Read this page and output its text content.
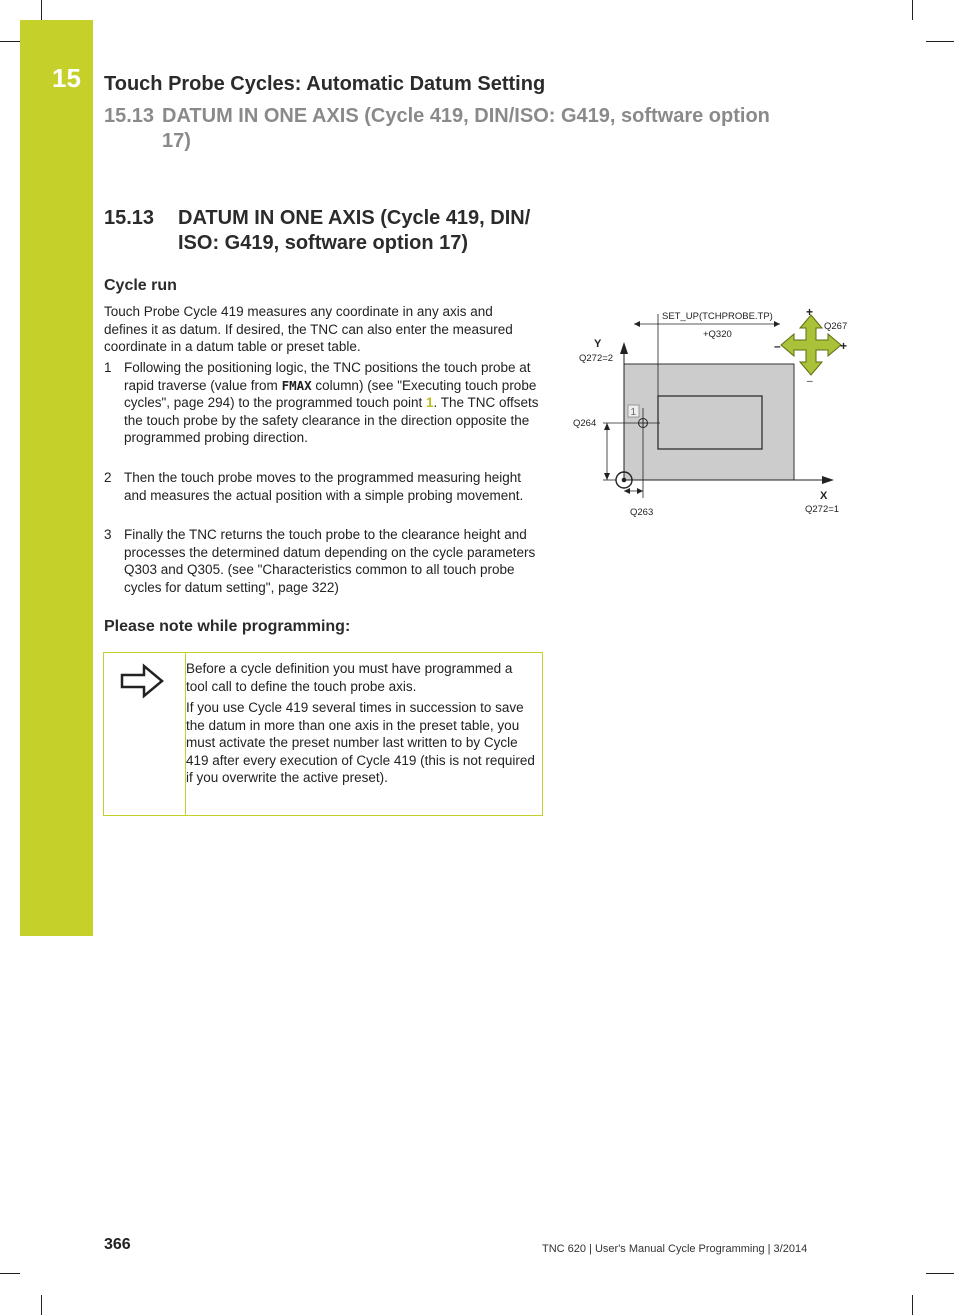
15 Touch Probe Cycles: Automatic Datum Setting
15.13 DATUM IN ONE AXIS (Cycle 419, DIN/ISO: G419, software option
17)
15.13 DATUM IN ONE AXIS (Cycle 419, DIN/
ISO: G419, software option 17)
Cycle run
Touch Probe Cycle 419 measures any coordinate in any axis and defines it as datum. If desired, the TNC can also enter the measured coordinate in a datum table or preset table.
1 Following the positioning logic, the TNC positions the touch probe at rapid traverse (value from FMAX column) (see "Executing touch probe cycles", page 294) to the programmed touch point 1. The TNC offsets the touch probe by the safety clearance in the direction opposite the programmed probing direction.
2 Then the touch probe moves to the programmed measuring height and measures the actual position with a simple probing movement.
3 Finally the TNC returns the touch probe to the clearance height and processes the determined datum depending on the cycle parameters Q303 and Q305. (see "Characteristics common to all touch probe cycles for datum setting", page 322)
Please note while programming:
Before a cycle definition you must have programmed a tool call to define the touch probe axis.
If you use Cycle 419 several times in succession to save the datum in more than one axis in the preset table, you must activate the preset number last written to by Cycle 419 after every execution of Cycle 419 (this is not required if you overwrite the active preset).
Y
X
Q272=2
Q272=1
Q264
Q263
1
SET_UP(TCHPROBE.TP)
+Q320
+
+
–
–
Q267
366	TNC 620 | User's Manual Cycle Programming | 3/2014
